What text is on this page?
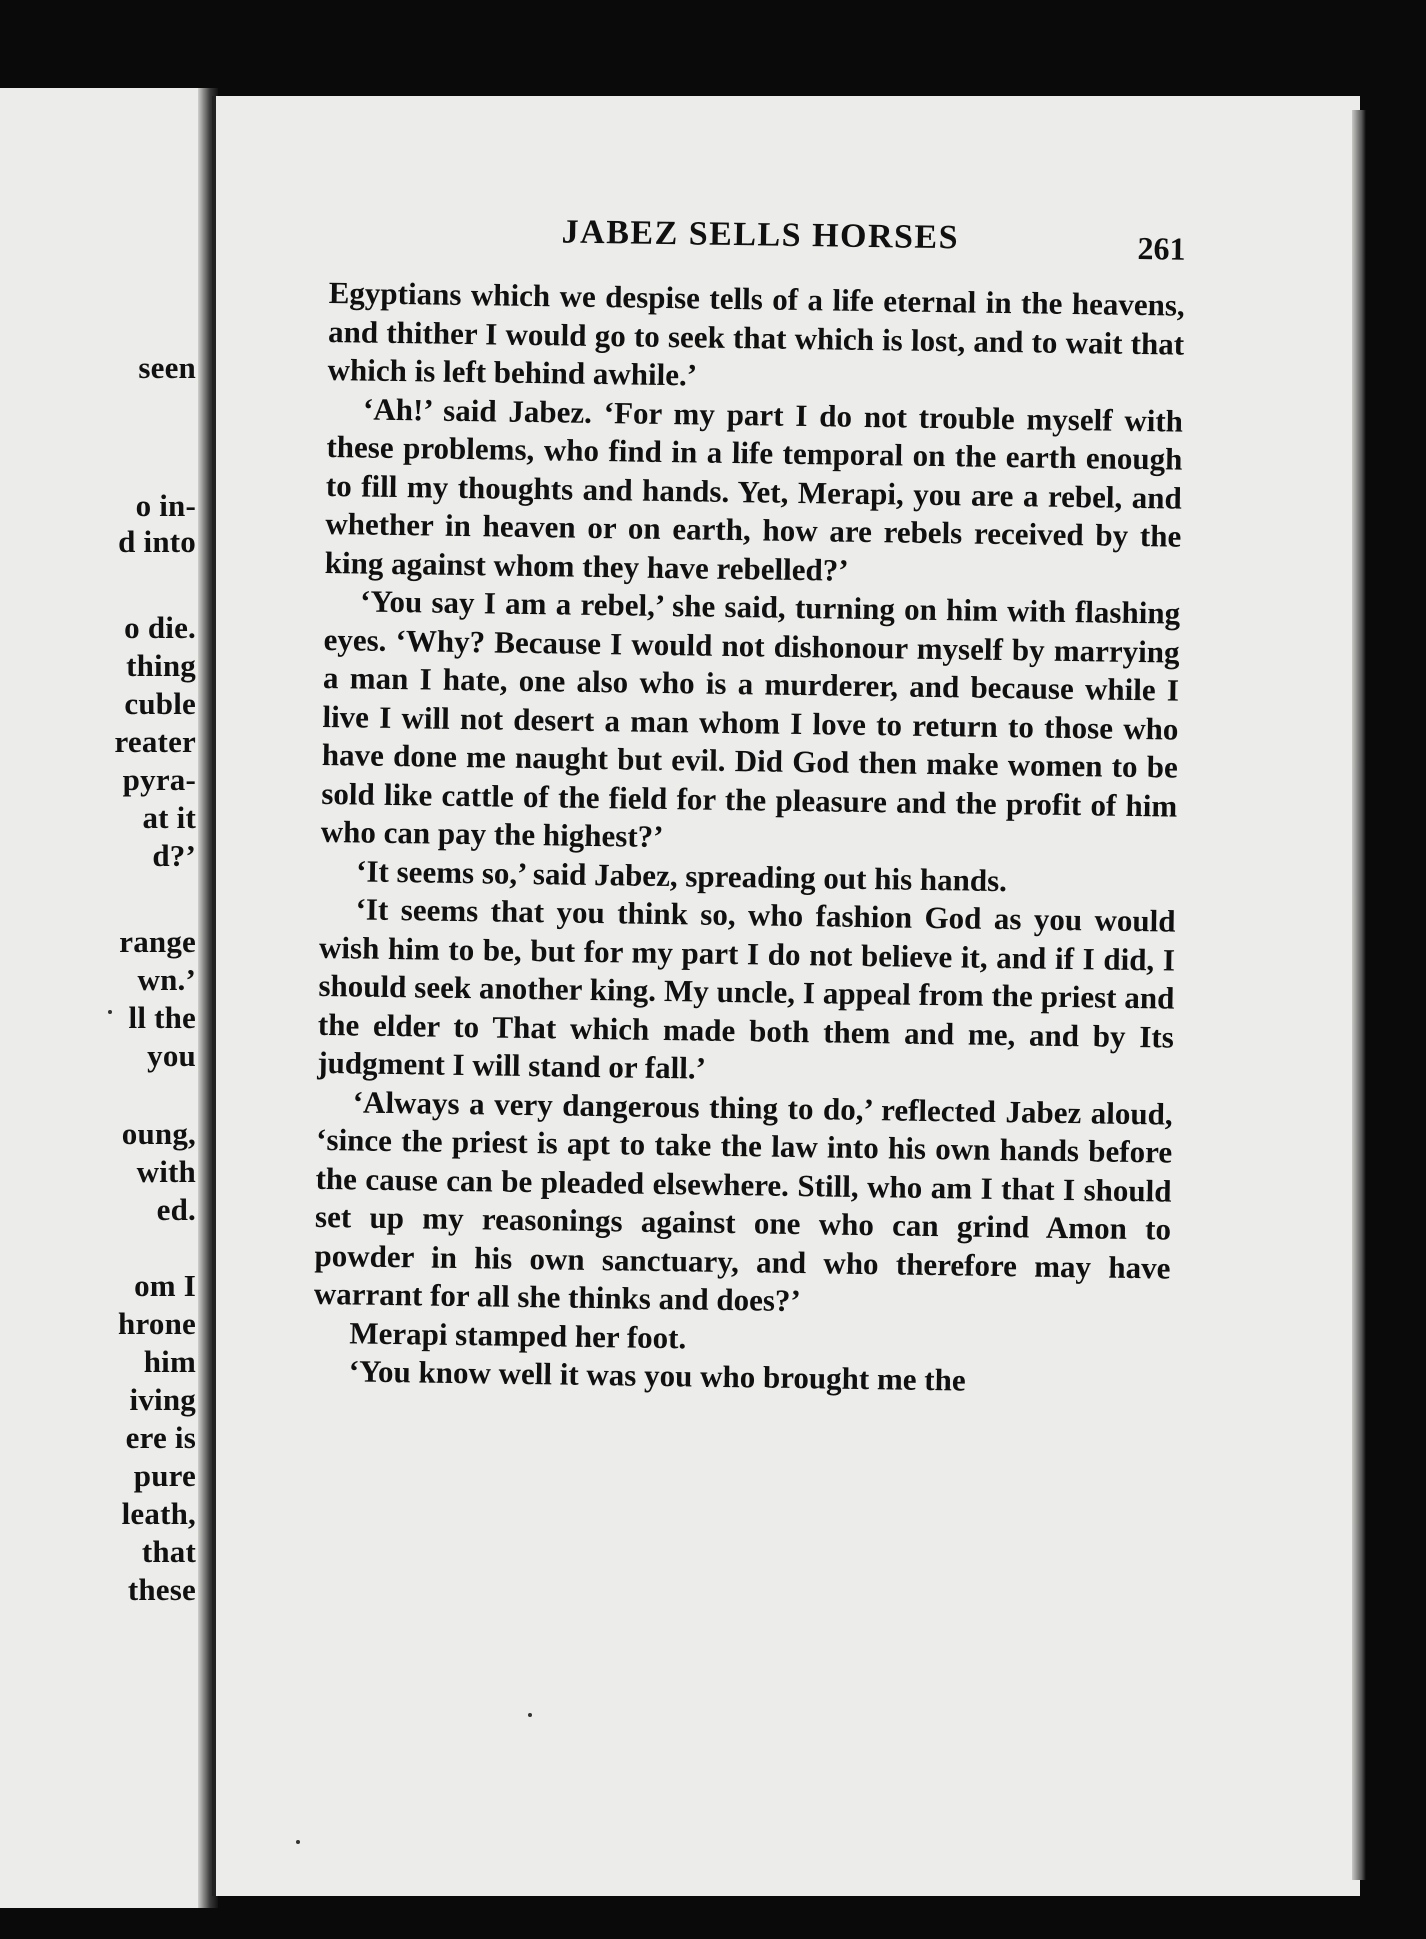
seen

o in-

d into

o die.

thing

cuble

reater

pyra-

at it

d?’

range

wn.’

ll the

you

oung,

with

ed.

om I

hrone

him

iving

ere is

pure

leath,

that

these

JABEZ SELLS HORSES	261

Egyptians which we despise tells of a life eternal in the heavens, and thither I would go to seek that which is lost, and to wait that which is left behind awhile.’

‘Ah!’ said Jabez. ‘For my part I do not trouble myself with these problems, who find in a life temporal on the earth enough to fill my thoughts and hands. Yet, Merapi, you are a rebel, and whether in heaven or on earth, how are rebels received by the king against whom they have rebelled?’

‘You say I am a rebel,’ she said, turning on him with flashing eyes. ‘Why? Because I would not dishonour myself by marrying a man I hate, one also who is a murderer, and because while I live I will not desert a man whom I love to return to those who have done me naught but evil. Did God then make women to be sold like cattle of the field for the pleasure and the profit of him who can pay the highest?’

‘It seems so,’ said Jabez, spreading out his hands.

‘It seems that you think so, who fashion God as you would wish him to be, but for my part I do not believe it, and if I did, I should seek another king. My uncle, I appeal from the priest and the elder to That which made both them and me, and by Its judgment I will stand or fall.’

‘Always a very dangerous thing to do,’ reflected Jabez aloud, ‘since the priest is apt to take the law into his own hands before the cause can be pleaded elsewhere. Still, who am I that I should set up my reasonings against one who can grind Amon to powder in his own sanctuary, and who therefore may have warrant for all she thinks and does?’

Merapi stamped her foot.

‘You know well it was you who brought me the
